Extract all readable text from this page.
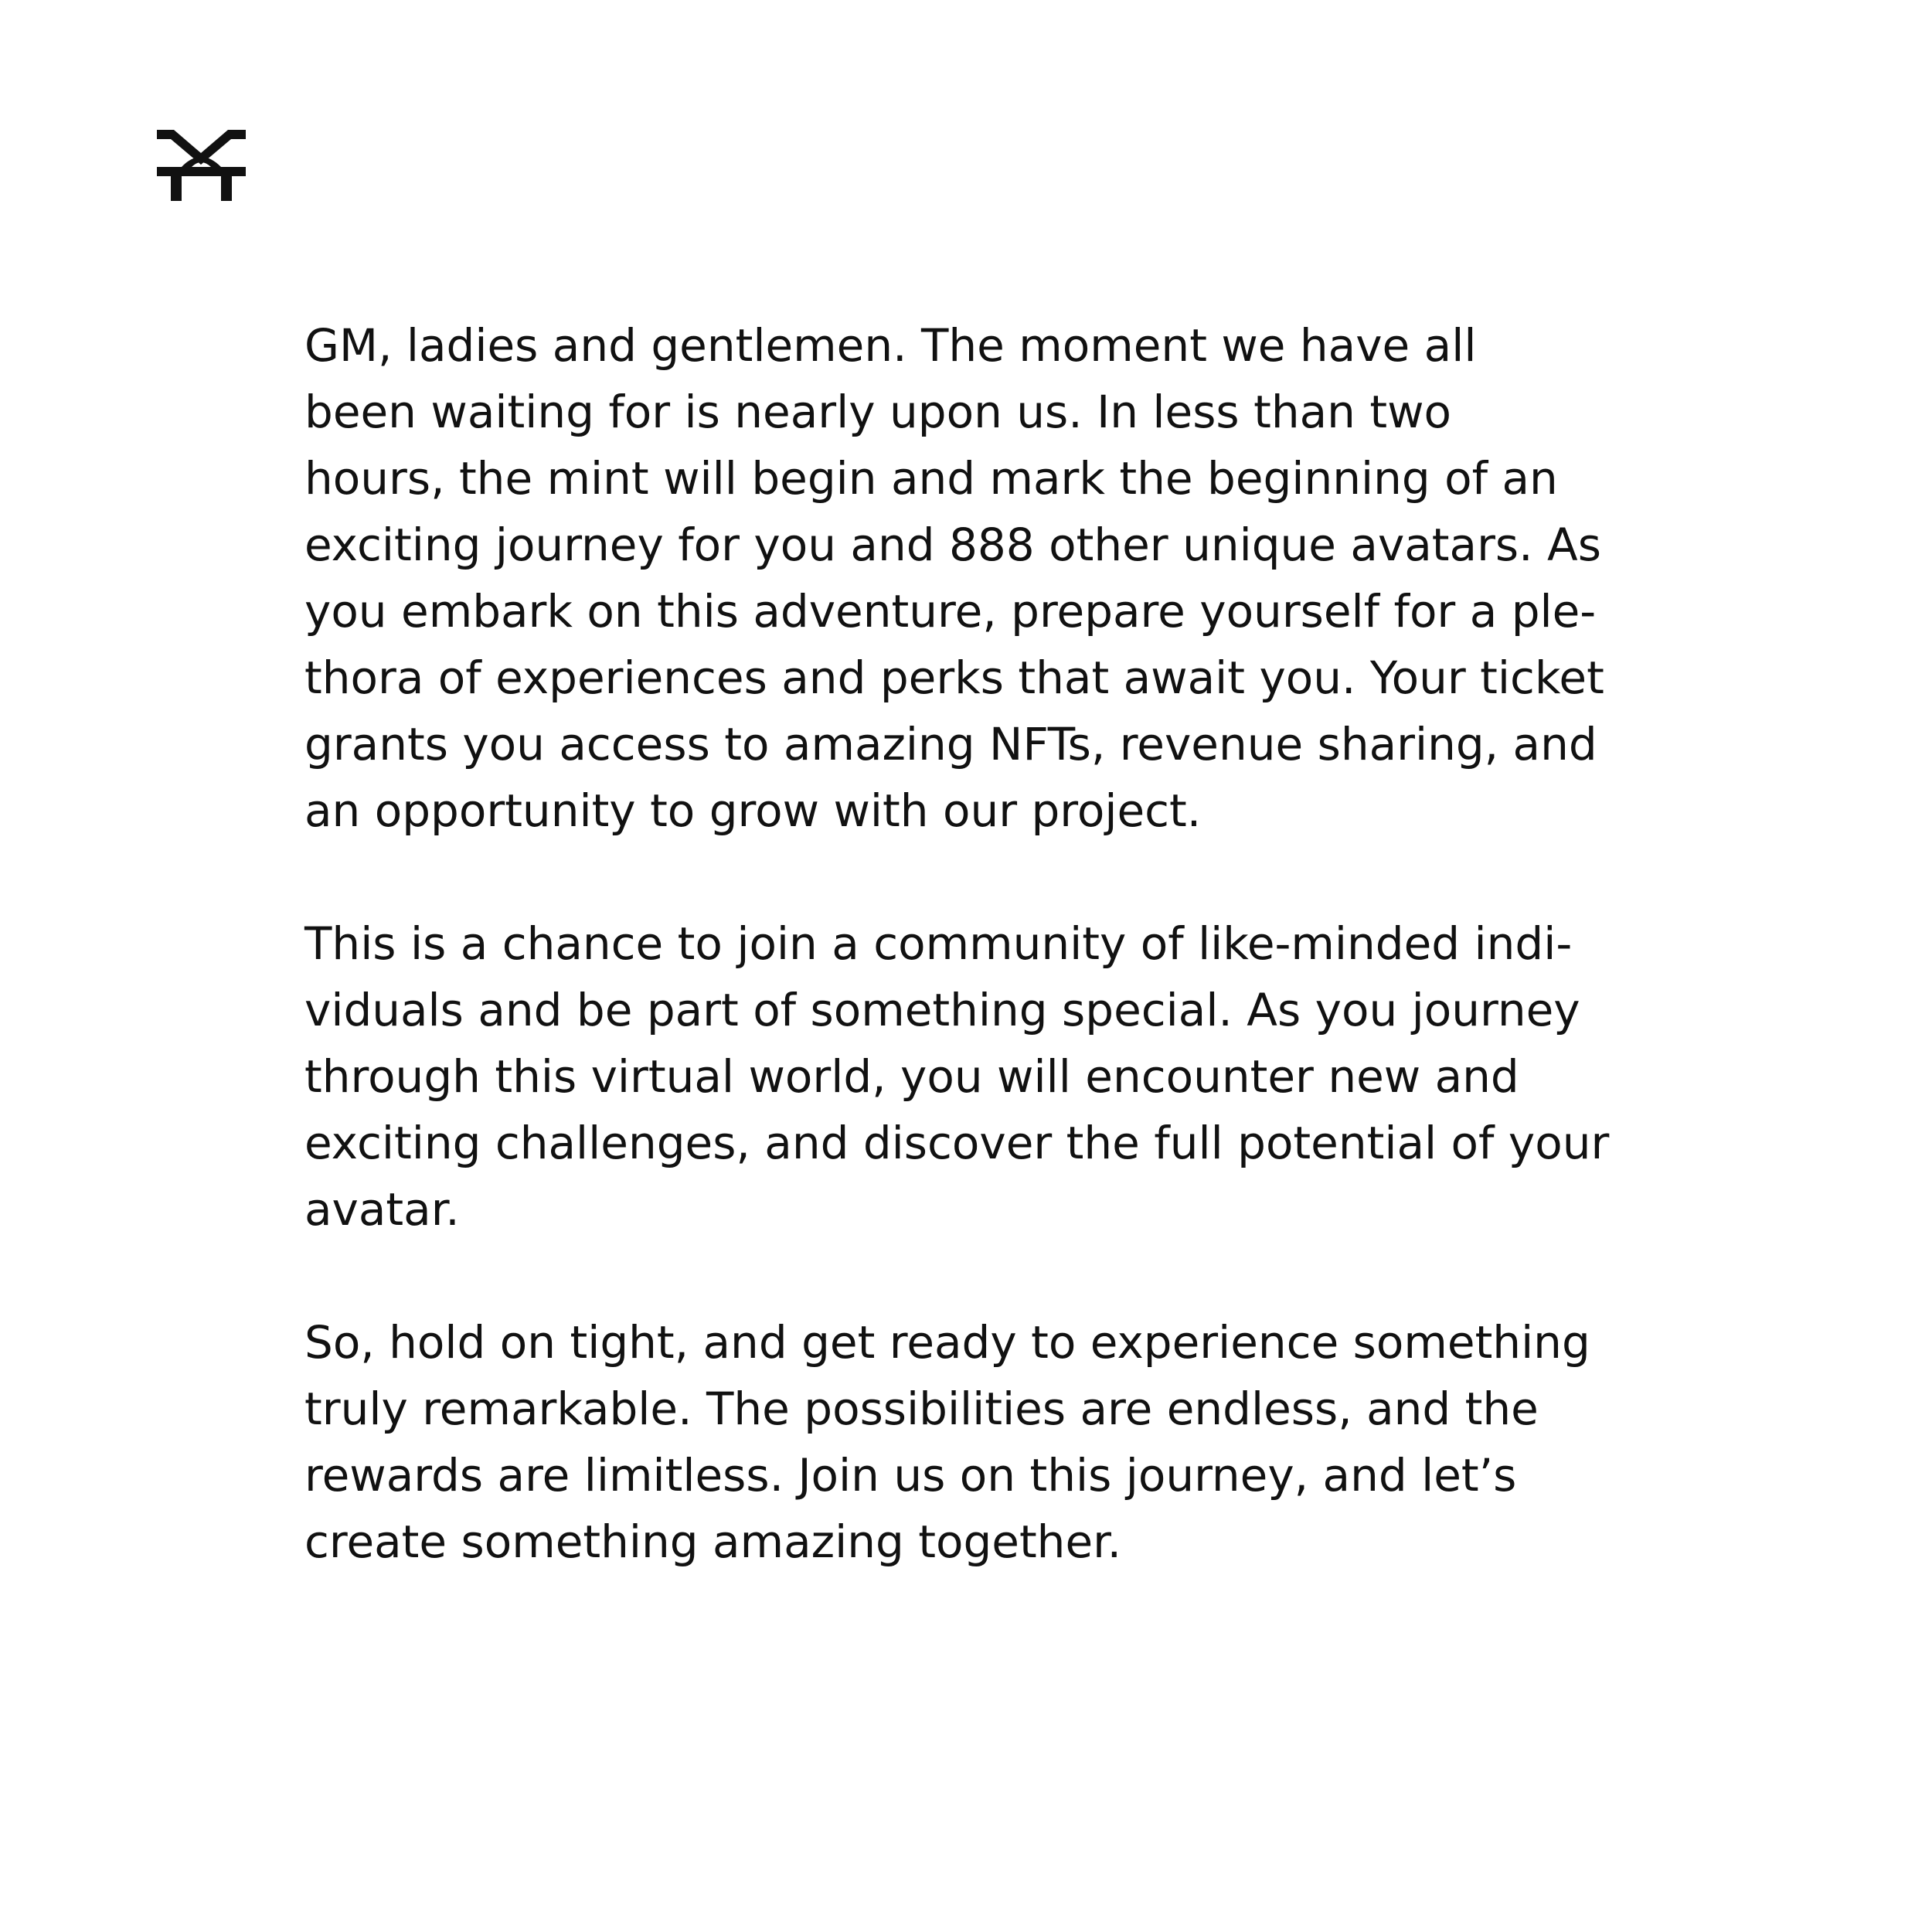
GM, ladies and gentlemen. The moment we have all
been waiting for is nearly upon us. In less than two
hours, the mint will begin and mark the beginning of an
exciting journey for you and 888 other unique avatars. As
you embark on this adventure, prepare yourself for a ple-
thora of experiences and perks that await you. Your ticket
grants you access to amazing NFTs, revenue sharing, and
an opportunity to grow with our project.
This is a chance to join a community of like-minded indi-
viduals and be part of something special. As you journey
through this virtual world, you will encounter new and
exciting challenges, and discover the full potential of your
avatar.
So, hold on tight, and get ready to experience something
truly remarkable. The possibilities are endless, and the
rewards are limitless. Join us on this journey, and let’s
create something amazing together.
